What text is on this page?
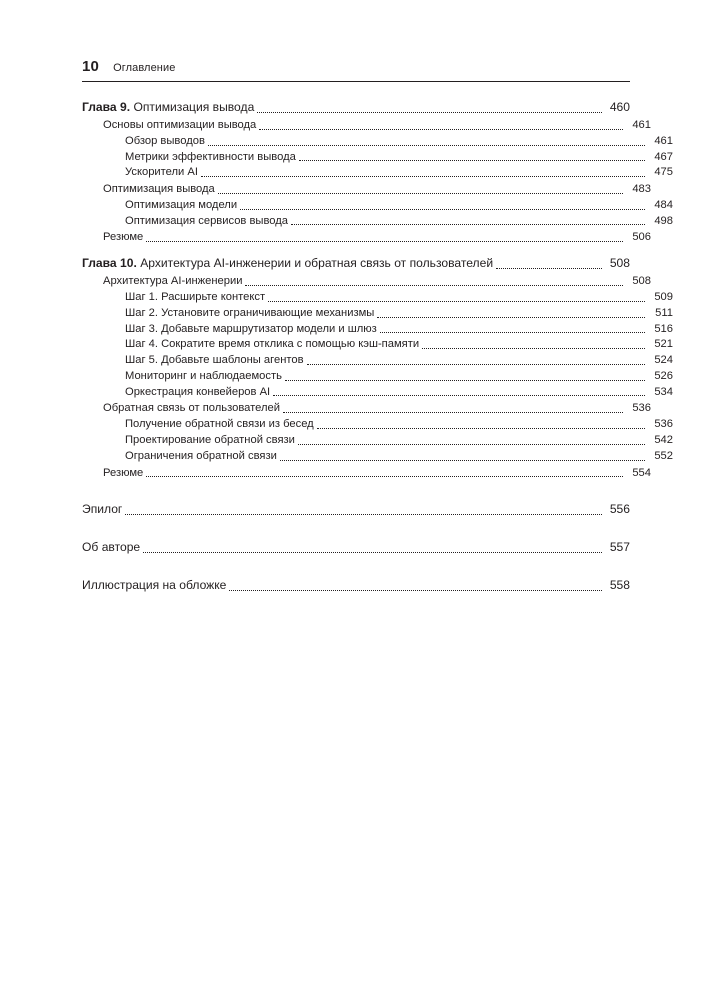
10 Оглавление
Глава 9. Оптимизация вывода	460
Основы оптимизации вывода	461
Обзор выводов	461
Метрики эффективности вывода	467
Ускорители AI	475
Оптимизация вывода	483
Оптимизация модели	484
Оптимизация сервисов вывода	498
Резюме	506
Глава 10. Архитектура AI-инженерии и обратная связь от пользователей	508
Архитектура AI-инженерии	508
Шаг 1. Расширьте контекст	509
Шаг 2. Установите ограничивающие механизмы	511
Шаг 3. Добавьте маршрутизатор модели и шлюз	516
Шаг 4. Сократите время отклика с помощью кэш-памяти	521
Шаг 5. Добавьте шаблоны агентов	524
Мониторинг и наблюдаемость	526
Оркестрация конвейеров AI	534
Обратная связь от пользователей	536
Получение обратной связи из бесед	536
Проектирование обратной связи	542
Ограничения обратной связи	552
Резюме	554
Эпилог	556
Об авторе	557
Иллюстрация на обложке	558
